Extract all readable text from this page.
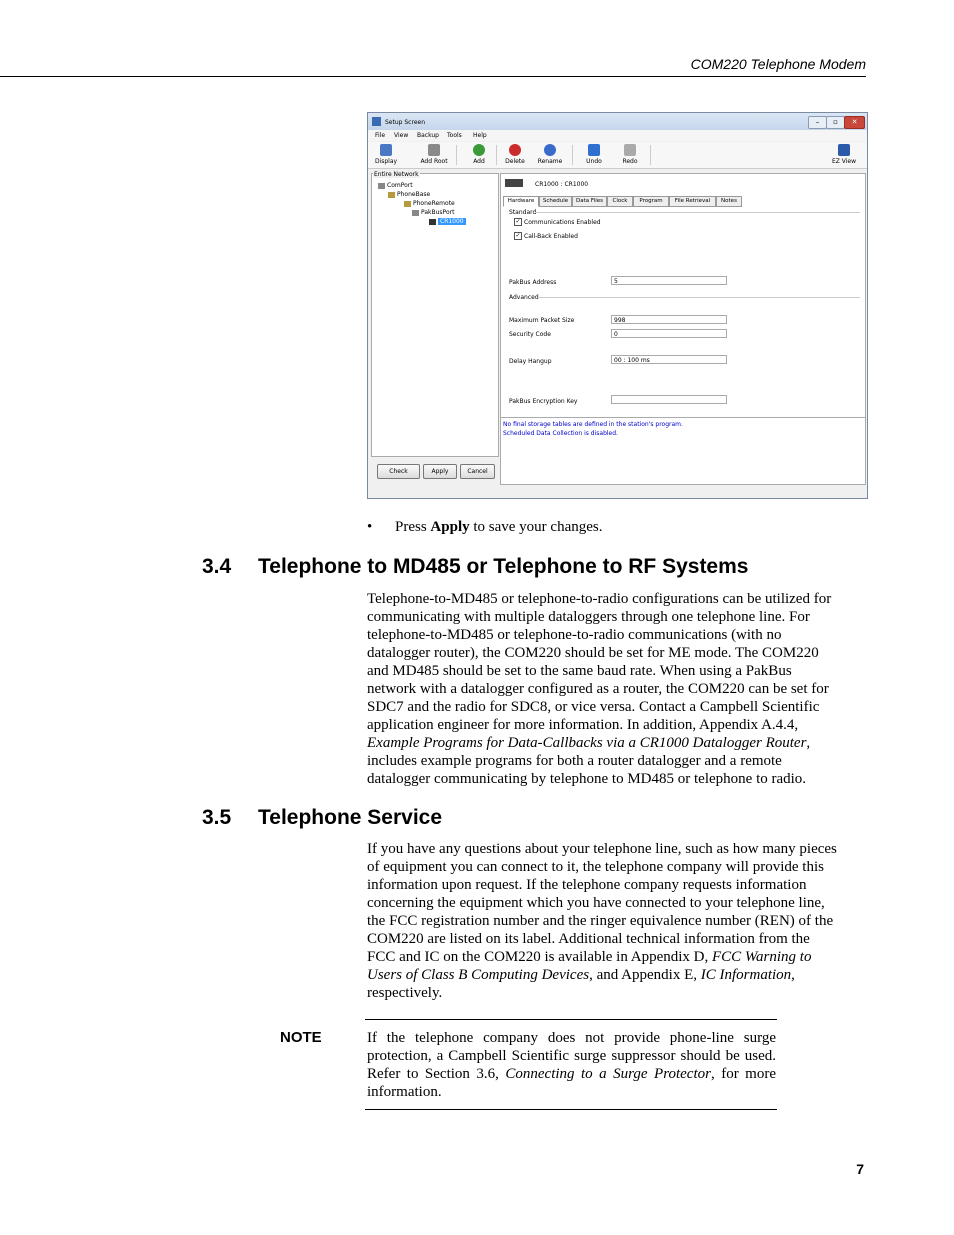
COM220 Telephone Modem
Setup Screen	–	▫	✕
File View Backup Tools Help
Display	Add Root	Add	Delete	Rename	Undo	Redo	EZ View
Entire Network
ComPort
PhoneBase
PhoneRemote
PakBusPort
CR1000
Check	Apply	Cancel
CR1000 : CR1000
Hardware	Schedule	Data Files	Clock	Program	File Retrieval	Notes
Standard
✓ Communications Enabled
✓ Call-Back Enabled
PakBus Address	5
Advanced
Maximum Packet Size	998
Security Code	0
Delay Hangup	00 : 100 ms
PakBus Encryption Key
No final storage tables are defined in the station's program.
Scheduled Data Collection is disabled.
• Press Apply to save your changes.
3.4 Telephone to MD485 or Telephone to RF Systems
Telephone-to-MD485 or telephone-to-radio configurations can be utilized for
communicating with multiple dataloggers through one telephone line. For
telephone-to-MD485 or telephone-to-radio communications (with no
datalogger router), the COM220 should be set for ME mode. The COM220
and MD485 should be set to the same baud rate. When using a PakBus
network with a datalogger configured as a router, the COM220 can be set for
SDC7 and the radio for SDC8, or vice versa. Contact a Campbell Scientific
application engineer for more information. In addition, Appendix A.4.4,
Example Programs for Data-Callbacks via a CR1000 Datalogger Router,
includes example programs for both a router datalogger and a remote
datalogger communicating by telephone to MD485 or telephone to radio.
3.5 Telephone Service
If you have any questions about your telephone line, such as how many pieces
of equipment you can connect to it, the telephone company will provide this
information upon request. If the telephone company requests information
concerning the equipment which you have connected to your telephone line,
the FCC registration number and the ringer equivalence number (REN) of the
COM220 are listed on its label. Additional technical information from the
FCC and IC on the COM220 is available in Appendix D, FCC Warning to
Users of Class B Computing Devices, and Appendix E, IC Information,
respectively.
NOTE	If the telephone company does not provide phone-line surge protection, a Campbell Scientific surge suppressor should be used. Refer to Section 3.6, Connecting to a Surge Protector, for more information.
7
